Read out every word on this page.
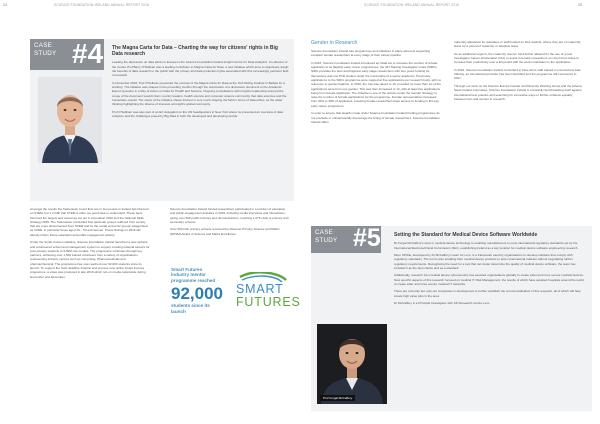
24	SCIENCE FOUNDATION IRELAND ANNUAL REPORT 2016
CASE
STUDY #4 The Magna Carta for Data – Charting the way for citizens' rights in Big Data research

Leading the discussion on data ethics in Europe is the Science Foundation Ireland Insight Centre for Data Analytics. Co-director of the Centre Prof Barry O'Sullivan was a leading contributor to Magna Carta for Data, a new initiative which aims to objectively weigh the benefits of data research to the public with the privacy and data protection rights associated with this increasingly pertinent field of research.

In November 2016, Prof O'Sullivan presented the concept of the Magna Carta for Data at the Irish Ruling Institute in Belfast for a working. The initiative was shaped in the preceding months through the submission of a discussion document to the Academic Expert Question in a Day of Action on Data for Health and Science. Ongoing consultations with Insight's leadership ensured the scope of the document would inform country leaders, health science and computer science community that data sciences and the humanities overall. The vision of the initiative shows interest is very much shaping the field in terms of data ethics, as the wider thinking highlighting the diverse of interests at Insight's global community.

Prof O'Sullivan was also part of an EC delegation to the UN headquarters in New York where he presented an overview of data analytics and the challenges posed by Big Data in both the developed and developing worlds.

Amongst the results the Taskmaster found that one in two people in Ireland felt informed on STEM, but 1 in fifth that STEM is often too good idea to understand. These have informed the targets and outcomes set out in Innovation 2020 and the National Skills Strategy 2025. The Taskmaster concluded that particular groups suffered from society that are more disconnected from STEM and by the social economic groups categorised as C2DE, in particular those aged 16 – 54 and women. These findings in 2016 will directly inform future education and public engagement activity.

Under the Smart Futures initiative, Science Foundation Ireland launched a new website and volunteered school and management system to support creating national careers for post primary students to STEM role models. The programme continues through key partners, achieving over 1,500 trained volunteers from a variety of organisations representing industry sectors such as computing, Pharmaceuticals and pharma/chemical. The programme has now reached over 92,000 students since its launch. To support the CAO deadline timeline and process new online Smart Futures programme, a video was produced in late 2016 which ran on media nationwide during November and December.

Science Foundation Ireland funded researchers participated in a number of education and public engagement activities in 2016, including media interviews and interactions, giving over 500 public lectures and demonstrations, reaching 1,075 visits to primary and secondary schools.

Over 500 Irish primary schools received the Discover Primary Science and Maths (DPSM) Award of Science and Maths Excellence.

Smart Futures
industry mentor
programme reached
92,000
students since its
launch
SMART
FUTURES
SCIENCE FOUNDATION IRELAND ANNUAL REPORT 2016	25
Gender in Research

Science Foundation Ireland has programmes and initiatives in place aimed at supporting excellent female researchers at every stage of their career pipeline.

In 2016, Science Foundation Ireland introduced an initial set to increase the number of female applicants to its flagship early career programmes, the SFI Starting Investigator Grant (SIRG). SIRG provides the best and brightest early stage researchers with four years funding for themselves and one PhD student under the mentorship of a senior academic. Previously, applications to the SIRG programme were capped at five applications per research body, with no reference to gender balance. In 2016, the cap was raised to 10, provided no more than six of the applications were from one gender. This was then increased to 12, with at least five applications being from female applicants. The initiative is one of the actions under the Gender Strategy to raise the number of female applications for the programme. Female representation increased from 26% to 38% of applicants, ensuring female researchers have access to funding in this key early career programme.

In order to ensure that awards made under Science Foundation Ireland funding programmes do not preclude or unintentionally discourage the hiring of female researchers, Science Foundation Ireland offers

maternity allowance for awardees or staff funded on their awards, where they are on maternity leave for a period of maternity or adoptive leave.

As an additional support, the maternity reserve fund further allowed for the use of a new Investigator Career Acceleration (ICA) to assist in female researchers on return from leave to increase their productivity over a full period with the work undertaken in the application.

In 2016, Science Foundation Ireland committed to have all its staff trained in unconscious bias training, an international provider has been identified and the programme will commence in 2017.

Through our work on the Science Europe Gender and Diversity Working Group and the Athena Swan Ireland Committee, Science Foundation Ireland is constantly benchmarking itself against international best practice and searching for innovative ways to further enhance equality between men and women in research.

CASE
STUDY #5
Prof Fergal McCaffery
Setting the Standard for Medical Device Software Worldwide

Dr Fergal McCaffery's work in medical device technology is enabling manufacturers to meet international regulatory standards set by the International Electrotechnical Commission (IEC), establishing Ireland as a key location for medical device software engineering research.

More SPICE, developed by Dr McCaffery's team for Lero, is a framework used by organisations to develop software that comply with regulatory standards. The tool is also enabling their medical device products to enter international markets without negotiating further regulatory requirements. Recognising the need for a tool that can better determine the quality of medical device software, the team has included it as the best choice and as a standard.

Additionally, research into medical device cybersecurity has assisted organisations globally to create safer and more secure medical devices. New specific aspects of this research focused on medical IT Risk Management, the results of which have assisted hospitals around the world to create safer and more secure medical IT networks.

There are currently two spin-out companies in development to further establish the commercialisation of this research, all of which will help create high value jobs in the area.

Dr McCaffery is a Principal Investigator with SFI Research Centre Lero.
